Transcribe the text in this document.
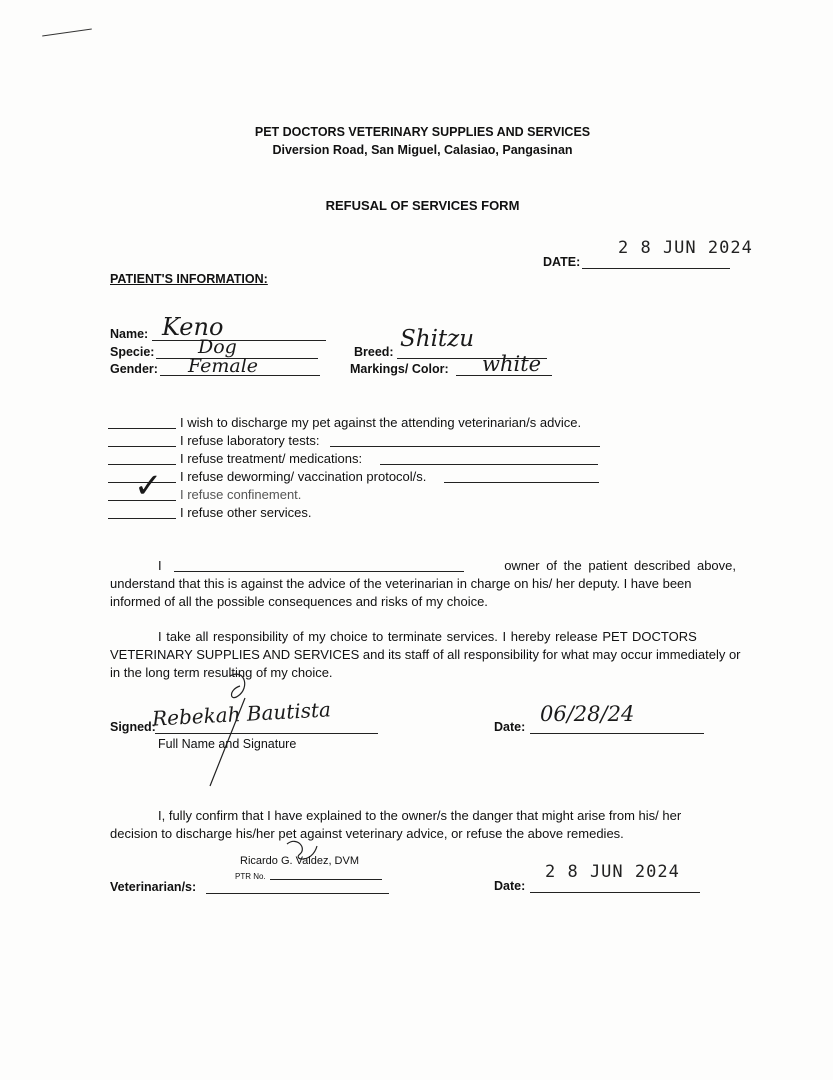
PET DOCTORS VETERINARY SUPPLIES AND SERVICES
Diversion Road, San Miguel, Calasiao, Pangasinan
REFUSAL OF SERVICES FORM
DATE:
2 8 JUN 2024
PATIENT'S INFORMATION:
Name: Keno
Specie: Dog
Gender: Female
Breed: Shitzu
Markings/ Color: white
I wish to discharge my pet against the attending veterinarian/s advice.
I refuse laboratory tests:
I refuse treatment/ medications:
I refuse deworming/ vaccination protocol/s.
✓ I refuse confinement.
I refuse other services.
I	owner of the patient described above,
understand that this is against the advice of the veterinarian in charge on his/ her deputy. I have been
informed of all the possible consequences and risks of my choice.
I take all responsibility of my choice to terminate services. I hereby release PET DOCTORS
VETERINARY SUPPLIES AND SERVICES and its staff of all responsibility for what may occur immediately or
in the long term resulting of my choice.
Signed:
Rebekah Bautista
Full Name and Signature
Date:
06/28/24
I, fully confirm that I have explained to the owner/s the danger that might arise from his/ her
decision to discharge his/her pet against veterinary advice, or refuse the above remedies.
Veterinarian/s:
Ricardo G. Valdez, DVM
PTR No.
Date:
2 8 JUN 2024
